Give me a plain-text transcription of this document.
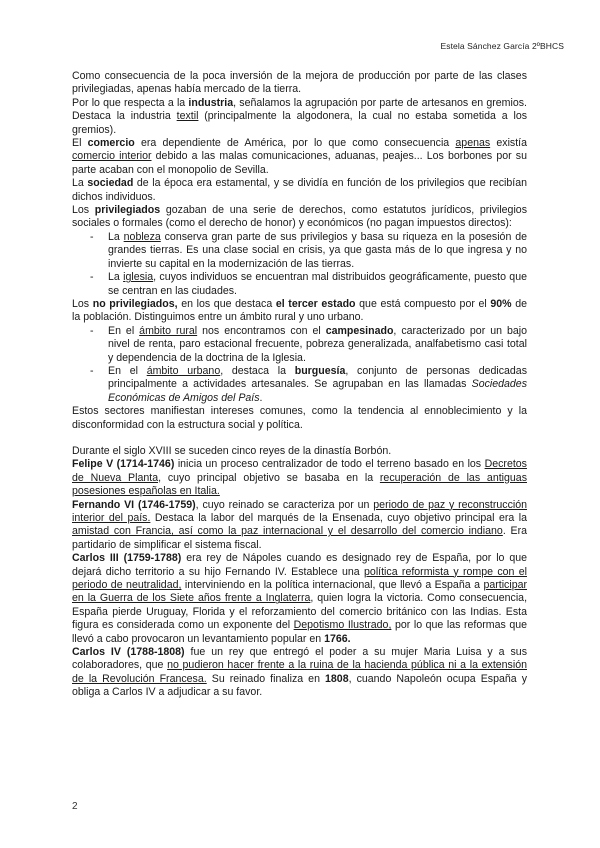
Estela Sánchez García 2ºBHCS

Como consecuencia de la poca inversión de la mejora de producción por parte de las clases privilegiadas, apenas había mercado de la tierra.

Por lo que respecta a la industria, señalamos la agrupación por parte de artesanos en gremios. Destaca la industria textil (principalmente la algodonera, la cual no estaba sometida a los gremios).

El comercio era dependiente de América, por lo que como consecuencia apenas existía comercio interior debido a las malas comunicaciones, aduanas, peajes... Los borbones por su parte acaban con el monopolio de Sevilla.

La sociedad de la época era estamental, y se dividía en función de los privilegios que recibían dichos individuos.

Los privilegiados gozaban de una serie de derechos, como estatutos jurídicos, privilegios sociales o formales (como el derecho de honor) y económicos (no pagan impuestos directos):

- La nobleza conserva gran parte de sus privilegios y basa su riqueza en la posesión de grandes tierras. Es una clase social en crisis, ya que gasta más de lo que ingresa y no invierte su capital en la modernización de las tierras.
- La iglesia, cuyos individuos se encuentran mal distribuidos geográficamente, puesto que se centran en las ciudades.

Los no privilegiados, en los que destaca el tercer estado que está compuesto por el 90% de la población. Distinguimos entre un ámbito rural y uno urbano.

- En el ámbito rural nos encontramos con el campesinado, caracterizado por un bajo nivel de renta, paro estacional frecuente, pobreza generalizada, analfabetismo casi total y dependencia de la doctrina de la Iglesia.
- En el ámbito urbano, destaca la burguesía, conjunto de personas dedicadas principalmente a actividades artesanales. Se agrupaban en las llamadas Sociedades Económicas de Amigos del País.

Estos sectores manifiestan intereses comunes, como la tendencia al ennoblecimiento y la disconformidad con la estructura social y política.

Durante el siglo XVIII se suceden cinco reyes de la dinastía Borbón.

Felipe V (1714-1746) inicia un proceso centralizador de todo el terreno basado en los Decretos de Nueva Planta, cuyo principal objetivo se basaba en la recuperación de las antiguas posesiones españolas en Italia.

Fernando VI (1746-1759), cuyo reinado se caracteriza por un periodo de paz y reconstrucción interior del país. Destaca la labor del marqués de la Ensenada, cuyo objetivo principal era la amistad con Francia, así como la paz internacional y el desarrollo del comercio indiano. Era partidario de simplificar el sistema fiscal.

Carlos III (1759-1788) era rey de Nápoles cuando es designado rey de España, por lo que dejará dicho territorio a su hijo Fernando IV. Establece una política reformista y rompe con el periodo de neutralidad, interviniendo en la política internacional, que llevó a España a participar en la Guerra de los Siete años frente a Inglaterra, quien logra la victoria. Como consecuencia, España pierde Uruguay, Florida y el reforzamiento del comercio británico con las Indias. Esta figura es considerada como un exponente del Depotismo Ilustrado, por lo que las reformas que llevó a cabo provocaron un levantamiento popular en 1766.

Carlos IV (1788-1808) fue un rey que entregó el poder a su mujer Maria Luisa y a sus colaboradores, que no pudieron hacer frente a la ruina de la hacienda pública ni a la extensión de la Revolución Francesa. Su reinado finaliza en 1808, cuando Napoleón ocupa España y obliga a Carlos IV a adjudicar a su favor.

2
